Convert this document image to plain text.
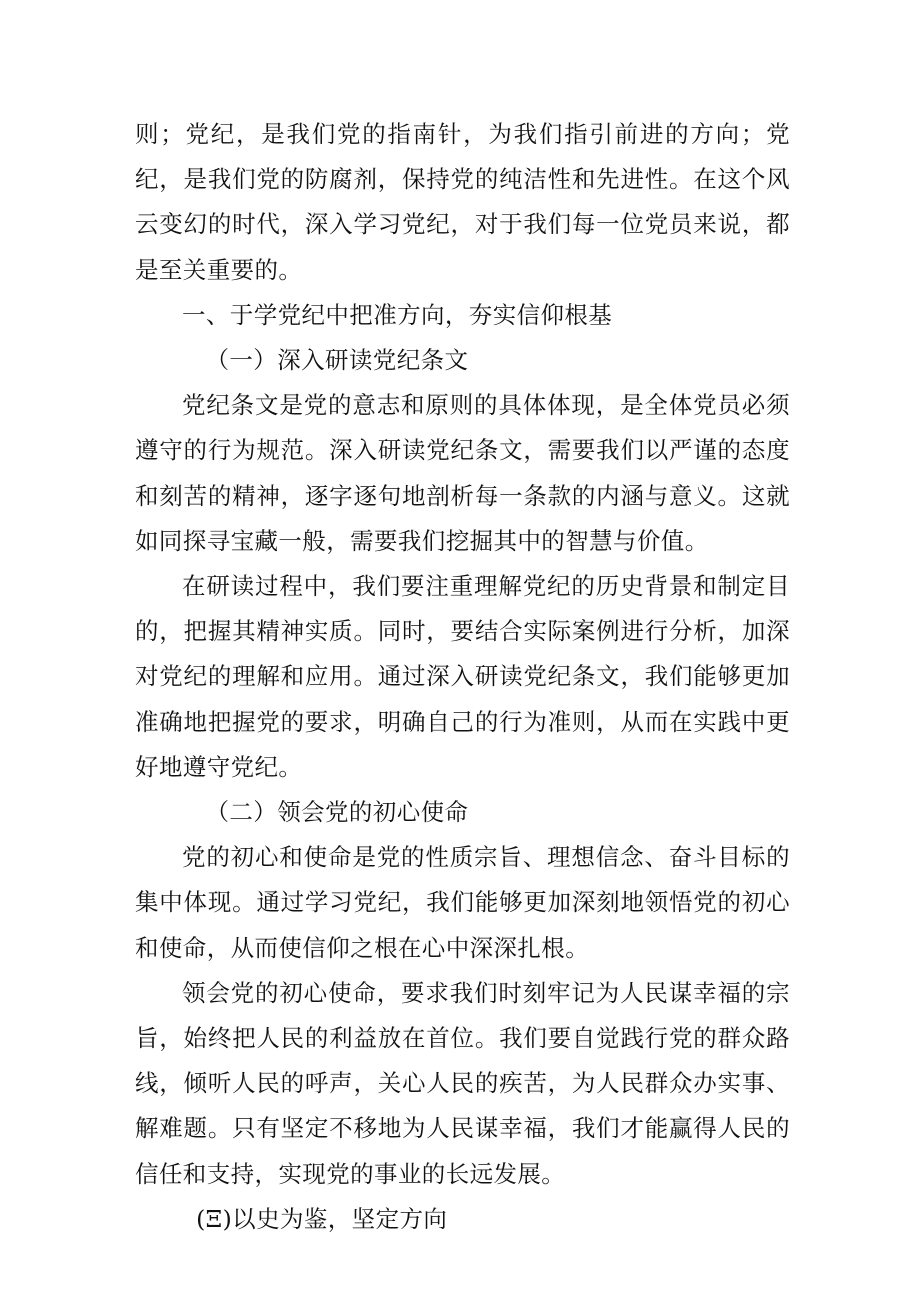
则；党纪，是我们党的指南针，为我们指引前进的方向；党纪，是我们党的防腐剂，保持党的纯洁性和先进性。在这个风云变幻的时代，深入学习党纪，对于我们每一位党员来说，都是至关重要的。

一、于学党纪中把准方向，夯实信仰根基

（一）深入研读党纪条文

党纪条文是党的意志和原则的具体体现，是全体党员必须遵守的行为规范。深入研读党纪条文，需要我们以严谨的态度和刻苦的精神，逐字逐句地剖析每一条款的内涵与意义。这就如同探寻宝藏一般，需要我们挖掘其中的智慧与价值。

在研读过程中，我们要注重理解党纪的历史背景和制定目的，把握其精神实质。同时，要结合实际案例进行分析，加深对党纪的理解和应用。通过深入研读党纪条文，我们能够更加准确地把握党的要求，明确自己的行为准则，从而在实践中更好地遵守党纪。

（二）领会党的初心使命

党的初心和使命是党的性质宗旨、理想信念、奋斗目标的集中体现。通过学习党纪，我们能够更加深刻地领悟党的初心和使命，从而使信仰之根在心中深深扎根。

领会党的初心使命，要求我们时刻牢记为人民谋幸福的宗旨，始终把人民的利益放在首位。我们要自觉践行党的群众路线，倾听人民的呼声，关心人民的疾苦，为人民群众办实事、解难题。只有坚定不移地为人民谋幸福，我们才能赢得人民的信任和支持，实现党的事业的长远发展。

(Ξ)以史为鉴，坚定方向
